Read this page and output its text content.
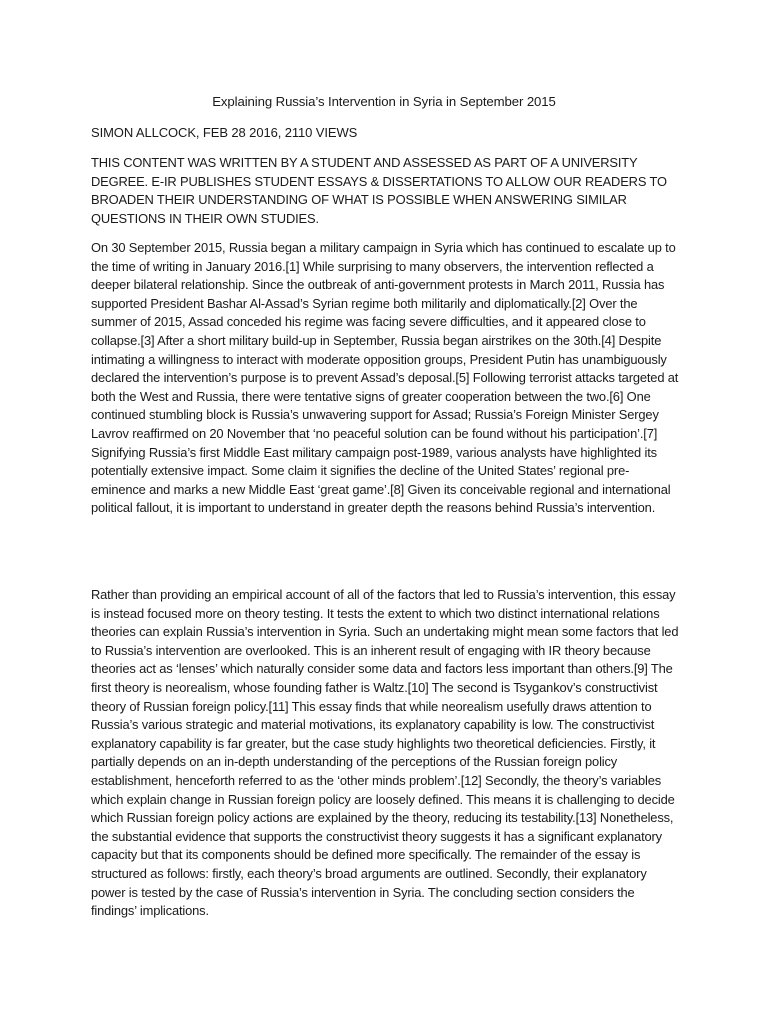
Explaining Russia’s Intervention in Syria in September 2015
SIMON ALLCOCK, FEB 28 2016, 2110 VIEWS
THIS CONTENT WAS WRITTEN BY A STUDENT AND ASSESSED AS PART OF A UNIVERSITY DEGREE. E-IR PUBLISHES STUDENT ESSAYS & DISSERTATIONS TO ALLOW OUR READERS TO BROADEN THEIR UNDERSTANDING OF WHAT IS POSSIBLE WHEN ANSWERING SIMILAR QUESTIONS IN THEIR OWN STUDIES.

On 30 September 2015, Russia began a military campaign in Syria which has continued to escalate up to the time of writing in January 2016.[1] While surprising to many observers, the intervention reflected a deeper bilateral relationship. Since the outbreak of anti-government protests in March 2011, Russia has supported President Bashar Al-Assad’s Syrian regime both militarily and diplomatically.[2] Over the summer of 2015, Assad conceded his regime was facing severe difficulties, and it appeared close to collapse.[3] After a short military build-up in September, Russia began airstrikes on the 30th.[4] Despite intimating a willingness to interact with moderate opposition groups, President Putin has unambiguously declared the intervention’s purpose is to prevent Assad’s deposal.[5] Following terrorist attacks targeted at both the West and Russia, there were tentative signs of greater cooperation between the two.[6] One continued stumbling block is Russia’s unwavering support for Assad; Russia’s Foreign Minister Sergey Lavrov reaffirmed on 20 November that ‘no peaceful solution can be found without his participation’.[7] Signifying Russia’s first Middle East military campaign post-1989, various analysts have highlighted its potentially extensive impact. Some claim it signifies the decline of the United States’ regional pre-eminence and marks a new Middle East ‘great game’.[8] Given its conceivable regional and international political fallout, it is important to understand in greater depth the reasons behind Russia’s intervention.

Rather than providing an empirical account of all of the factors that led to Russia’s intervention, this essay is instead focused more on theory testing. It tests the extent to which two distinct international relations theories can explain Russia’s intervention in Syria. Such an undertaking might mean some factors that led to Russia’s intervention are overlooked. This is an inherent result of engaging with IR theory because theories act as ‘lenses’ which naturally consider some data and factors less important than others.[9] The first theory is neorealism, whose founding father is Waltz.[10] The second is Tsygankov’s constructivist theory of Russian foreign policy.[11] This essay finds that while neorealism usefully draws attention to Russia’s various strategic and material motivations, its explanatory capability is low. The constructivist explanatory capability is far greater, but the case study highlights two theoretical deficiencies. Firstly, it partially depends on an in-depth understanding of the perceptions of the Russian foreign policy establishment, henceforth referred to as the ‘other minds problem’.[12] Secondly, the theory’s variables which explain change in Russian foreign policy are loosely defined. This means it is challenging to decide which Russian foreign policy actions are explained by the theory, reducing its testability.[13] Nonetheless, the substantial evidence that supports the constructivist theory suggests it has a significant explanatory capacity but that its components should be defined more specifically. The remainder of the essay is structured as follows: firstly, each theory’s broad arguments are outlined. Secondly, their explanatory power is tested by the case of Russia’s intervention in Syria. The concluding section considers the findings’ implications.
